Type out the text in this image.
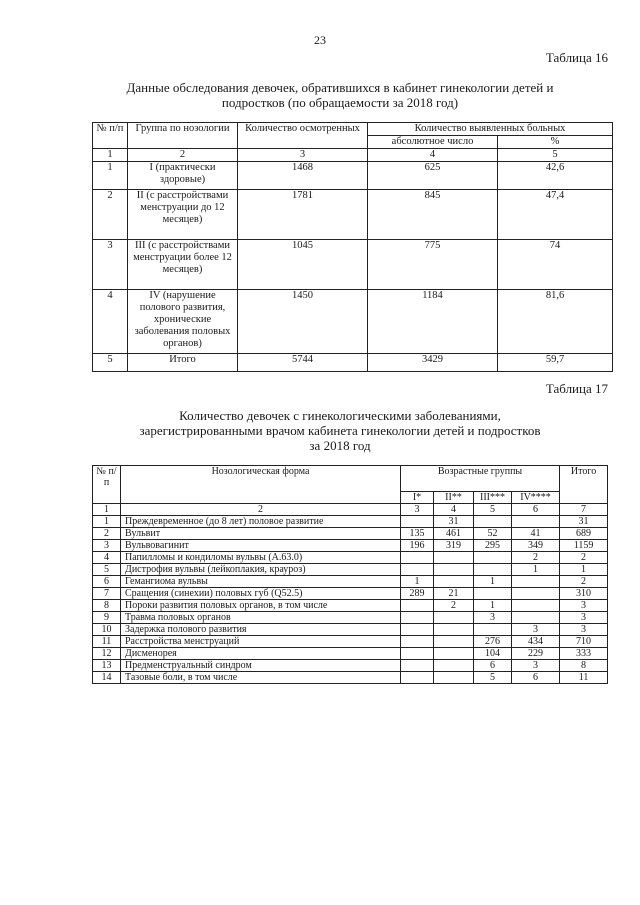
23
Таблица 16
Данные обследования девочек, обратившихся в кабинет гинекологии детей и
подростков (по обращаемости за 2018 год)
№ п/п	Группа по нозологии	Количество осмотренных	Количество выявленных больных	
			абсолютное число	%
1	2	3	4	5
1	I (практически здоровые)	1468	625	42,6
2	II (с расстройствами менструации до 12 месяцев)	1781	845	47,4
3	III (с расстройствами менструации более 12 месяцев)	1045	775	74
4	IV (нарушение полового развития, хронические заболевания половых органов)	1450	1184	81,6
5	Итого	5744	3429	59,7
Таблица 17
Количество девочек с гинекологическими заболеваниями,
зарегистрированными врачом кабинета гинекологии детей и подростков
за 2018 год
№ п/п	Нозологическая форма	Возрастные группы				Итого
		I*	II**	III***	IV****	
1	2	3	4	5	6	7
1	Преждевременное (до 8 лет) половое развитие		31			31
2	Вульвит	135	461	52	41	689
3	Вульвовагинит	196	319	295	349	1159
4	Папилломы и кондиломы вульвы (А.63.0)				2	2
5	Дистрофия вульвы (лейкоплакия, крауроз)				1	1
6	Гемангиома вульвы	1		1		2
7	Сращения (синехии) половых губ (Q52.5)	289	21			310
8	Пороки развития половых органов, в том числе		2	1		3
9	Травма половых органов			3		3
10	Задержка полового развития				3	3
11	Расстройства менструаций			276	434	710
12	Дисменорея			104	229	333
13	Предменструальный синдром			6	3	8
14	Тазовые боли, в том числе			5	6	11
